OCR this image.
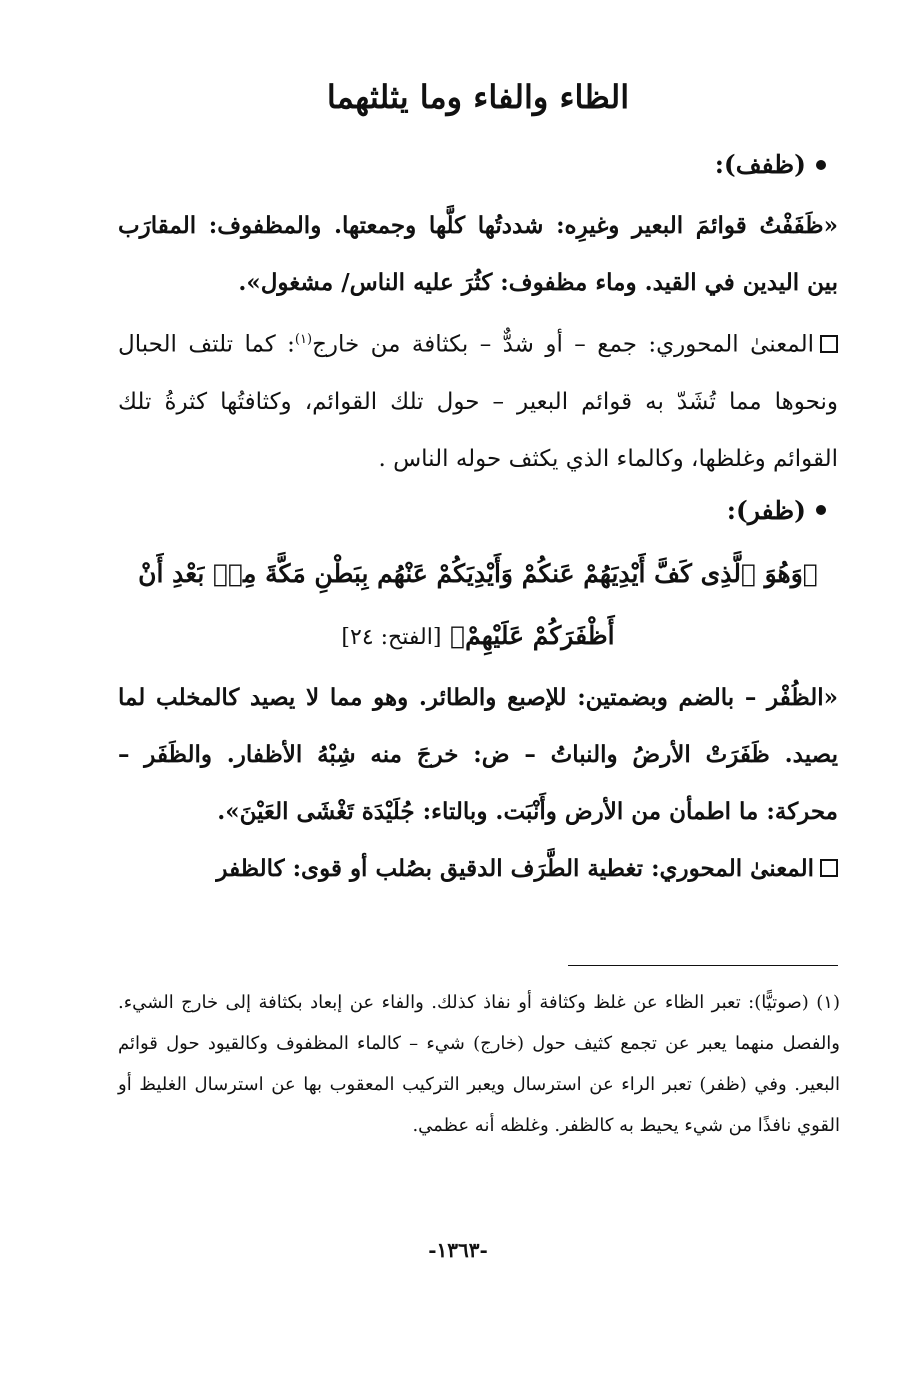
الظاء والفاء وما يثلثهما
(ظفف):

«ظَفَفْتُ قوائمَ البعير وغيرِه: شددتُها كلَّها وجمعتها. والمظفوف: المقارَب بين اليدين في القيد. وماء مظفوف: كثُرَ عليه الناس/ مشغول».

المعنىٰ المحوري: جمع – أو شدٌّ – بكثافة من خارج$^{(١)}$: كما تلتف الحبال ونحوها مما تُشَدّ به قوائم البعير – حول تلك القوائم، وكثافتُها كثرةُ تلك القوائم وغلظها، وكالماء الذي يكثف حوله الناس .

(ظفر):

﴿وَهُوَ ٱلَّذِى كَفَّ أَيْدِيَهُمْ عَنكُمْ وَأَيْدِيَكُمْ عَنْهُم بِبَطْنِ مَكَّةَ مِنۢ بَعْدِ أَنْ أَظْفَرَكُمْ عَلَيْهِمْ﴾ [الفتح: ٢٤]

«الظُفْر – بالضم وبضمتين: للإصبع والطائر. وهو مما لا يصيد كالمخلب لما يصيد. ظَفَرَتْ الأرضُ والنباتُ – ض: خرجَ منه شِبْهُ الأظفار. والظَفَر – محركة: ما اطمأن من الأرض وأَنْبَت. وبالتاء: جُلَيْدَة تَغْشَى العَيْنَ».

المعنىٰ المحوري: تغطية الطَّرَف الدقيق بصُلب أو قوى: كالظفر

(١) (صوتيًّا): تعبر الظاء عن غلظ وكثافة أو نفاذ كذلك. والفاء عن إبعاد بكثافة إلى خارج الشيء. والفصل منهما يعبر عن تجمع كثيف حول (خارج) شيء – كالماء المظفوف وكالقيود حول قوائم البعير. وفي (ظفر) تعبر الراء عن استرسال ويعبر التركيب المعقوب بها عن استرسال الغليظ أو القوي نافذًا من شيء يحيط به كالظفر. وغلظه أنه عظمي.
-١٣٦٣-
